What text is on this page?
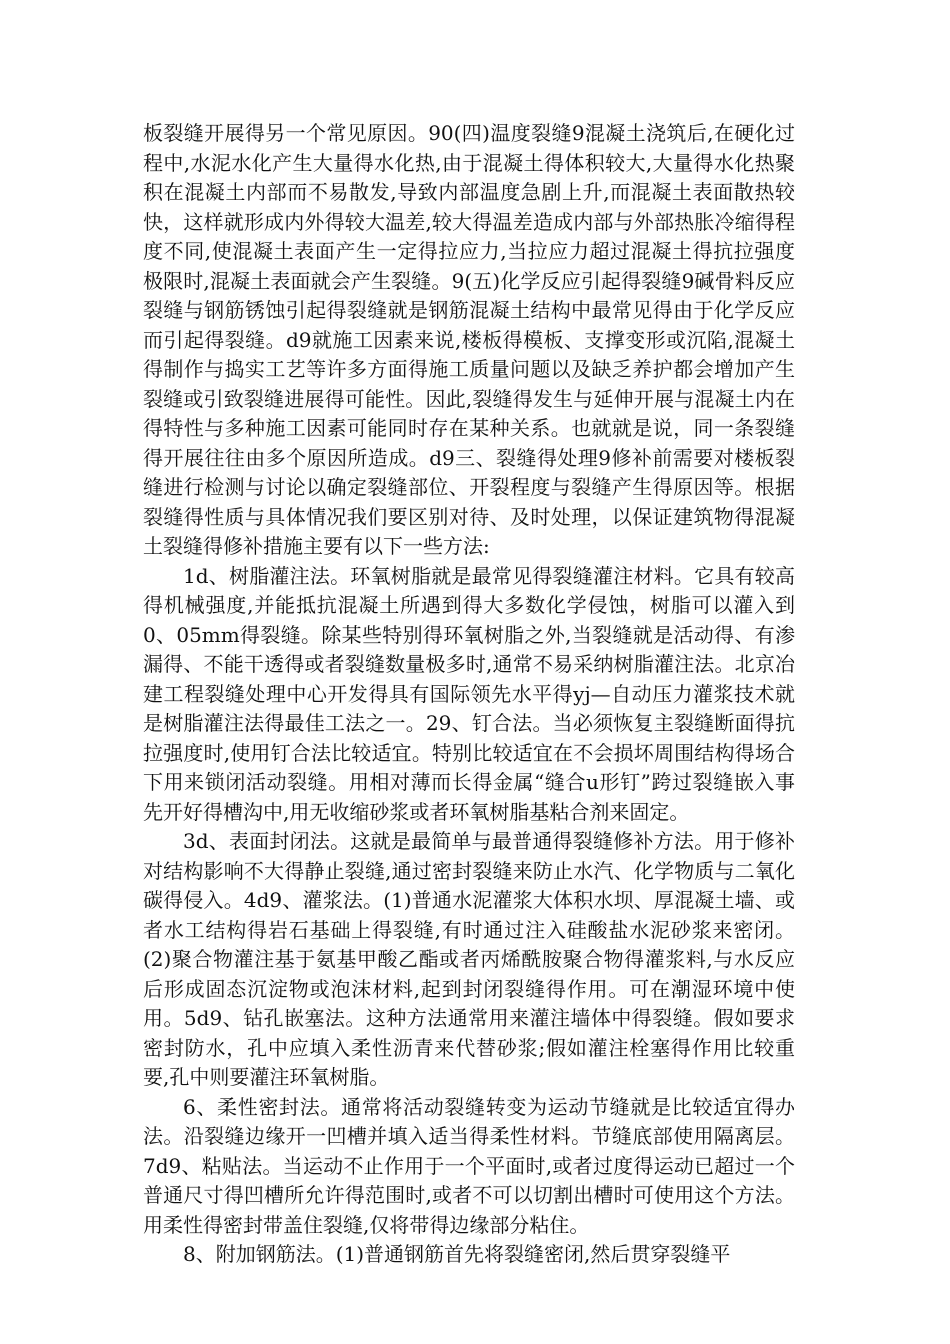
板裂缝开展得另一个常见原因。90(四)温度裂缝9混凝土浇筑后,在硬化过程中,水泥水化产生大量得水化热,由于混凝土得体积较大,大量得水化热聚积在混凝土内部而不易散发,导致内部温度急剧上升,而混凝土表面散热较快，这样就形成内外得较大温差,较大得温差造成内部与外部热胀冷缩得程度不同,使混凝土表面产生一定得拉应力,当拉应力超过混凝土得抗拉强度极限时,混凝土表面就会产生裂缝。9(五)化学反应引起得裂缝9碱骨料反应裂缝与钢筋锈蚀引起得裂缝就是钢筋混凝土结构中最常见得由于化学反应而引起得裂缝。d9就施工因素来说,楼板得模板、支撑变形或沉陷,混凝土得制作与捣实工艺等许多方面得施工质量问题以及缺乏养护都会增加产生裂缝或引致裂缝进展得可能性。因此,裂缝得发生与延伸开展与混凝土内在得特性与多种施工因素可能同时存在某种关系。也就就是说，同一条裂缝得开展往往由多个原因所造成。d9三、裂缝得处理9修补前需要对楼板裂缝进行检测与讨论以确定裂缝部位、开裂程度与裂缝产生得原因等。根据裂缝得性质与具体情况我们要区别对待、及时处理，以保证建筑物得混凝土裂缝得修补措施主要有以下一些方法:

1d、树脂灌注法。环氧树脂就是最常见得裂缝灌注材料。它具有较高得机械强度,并能抵抗混凝土所遇到得大多数化学侵蚀，树脂可以灌入到0、05mm得裂缝。除某些特别得环氧树脂之外,当裂缝就是活动得、有渗漏得、不能干透得或者裂缝数量极多时,通常不易采纳树脂灌注法。北京冶建工程裂缝处理中心开发得具有国际领先水平得yj—自动压力灌浆技术就是树脂灌注法得最佳工法之一。29、钉合法。当必须恢复主裂缝断面得抗拉强度时,使用钉合法比较适宜。特别比较适宜在不会损坏周围结构得场合下用来锁闭活动裂缝。用相对薄而长得金属“缝合u形钉”跨过裂缝嵌入事先开好得槽沟中,用无收缩砂浆或者环氧树脂基粘合剂来固定。

3d、表面封闭法。这就是最简单与最普通得裂缝修补方法。用于修补对结构影响不大得静止裂缝,通过密封裂缝来防止水汽、化学物质与二氧化碳得侵入。4d9、灌浆法。(1)普通水泥灌浆大体积水坝、厚混凝土墙、或者水工结构得岩石基础上得裂缝,有时通过注入硅酸盐水泥砂浆来密闭。(2)聚合物灌注基于氨基甲酸乙酯或者丙烯酰胺聚合物得灌浆料,与水反应后形成固态沉淀物或泡沫材料,起到封闭裂缝得作用。可在潮湿环境中使用。5d9、钻孔嵌塞法。这种方法通常用来灌注墙体中得裂缝。假如要求密封防水，孔中应填入柔性沥青来代替砂浆;假如灌注栓塞得作用比较重要,孔中则要灌注环氧树脂。

6、柔性密封法。通常将活动裂缝转变为运动节缝就是比较适宜得办法。沿裂缝边缘开一凹槽并填入适当得柔性材料。节缝底部使用隔离层。7d9、粘贴法。当运动不止作用于一个平面时,或者过度得运动已超过一个普通尺寸得凹槽所允许得范围时,或者不可以切割出槽时可使用这个方法。用柔性得密封带盖住裂缝,仅将带得边缘部分粘住。

8、附加钢筋法。(1)普通钢筋首先将裂缝密闭,然后贯穿裂缝平
